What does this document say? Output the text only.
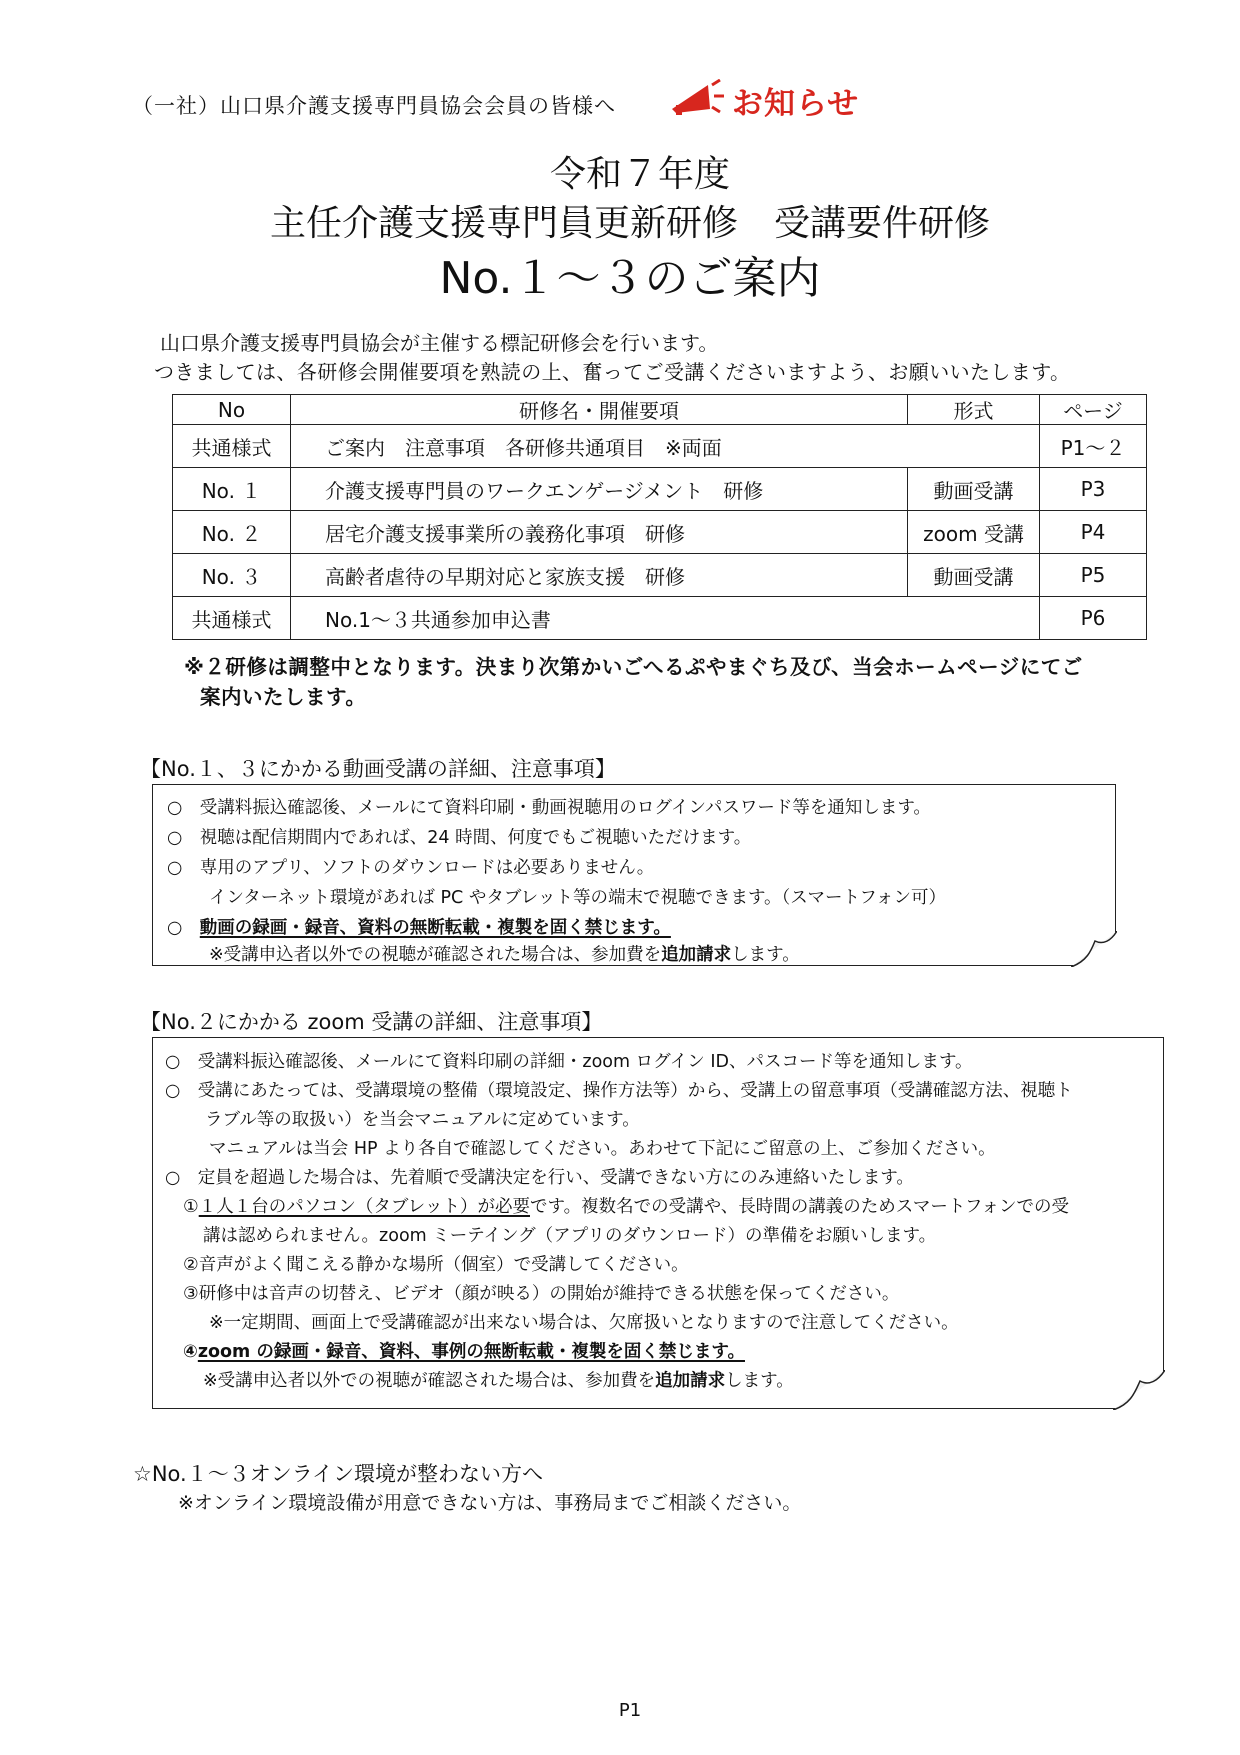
（一社）山口県介護支援専門員協会会員の皆様へ	お知らせ
令和７年度
主任介護支援専門員更新研修　受講要件研修
No.１～３のご案内
山口県介護支援専門員協会が主催する標記研修会を行います。
つきましては、各研修会開催要項を熟読の上、奮ってご受講くださいますよう、お願いいたします。
No	研修名・開催要項	形式	ページ
共通様式	ご案内　注意事項　各研修共通項目　※両面		P1～２
No. １	介護支援専門員のワークエンゲージメント　研修	動画受講	P3
No. ２	居宅介護支援事業所の義務化事項　研修	zoom 受講	P4
No. ３	高齢者虐待の早期対応と家族支援　研修	動画受講	P5
共通様式	No.1～３共通参加申込書		P6
※２研修は調整中となります。決まり次第かいごへるぷやまぐち及び、当会ホームページにてご
案内いたします。
【No.１、３にかかる動画受講の詳細、注意事項】
○　受講料振込確認後、メールにて資料印刷・動画視聴用のログインパスワード等を通知します。
○　視聴は配信期間内であれば、24 時間、何度でもご視聴いただけます。
○　専用のアプリ、ソフトのダウンロードは必要ありません。
インターネット環境があれば PC やタブレット等の端末で視聴できます。（スマートフォン可）
○　 動画の録画・録音、資料の無断転載・複製を固く禁じます。
※受講申込者以外での視聴が確認された場合は、参加費を追加請求します。
【No.２にかかる zoom 受講の詳細、注意事項】
○　受講料振込確認後、メールにて資料印刷の詳細・zoom ログイン ID、パスコード等を通知します。
○　受講にあたっては、受講環境の整備（環境設定、操作方法等）から、受講上の留意事項（受講確認方法、視聴ト
ラブル等の取扱い）を当会マニュアルに定めています。
マニュアルは当会 HP より各自で確認してください。あわせて下記にご留意の上、ご参加ください。
○　定員を超過した場合は、先着順で受講決定を行い、受講できない方にのみ連絡いたします。
①１人１台のパソコン（タブレット）が必要です。複数名での受講や、長時間の講義のためスマートフォンでの受
講は認められません。zoom ミーテイング（アプリのダウンロード）の準備をお願いします。
②音声がよく聞こえる静かな場所（個室）で受講してください。
③研修中は音声の切替え、ビデオ（顔が映る）の開始が維持できる状態を保ってください。
※一定期間、画面上で受講確認が出来ない場合は、欠席扱いとなりますので注意してください。
④zoom の録画・録音、資料、事例の無断転載・複製を固く禁じます。
※受講申込者以外での視聴が確認された場合は、参加費を追加請求します。
☆No.１～３オンライン環境が整わない方へ
※オンライン環境設備が用意できない方は、事務局までご相談ください。
P1
